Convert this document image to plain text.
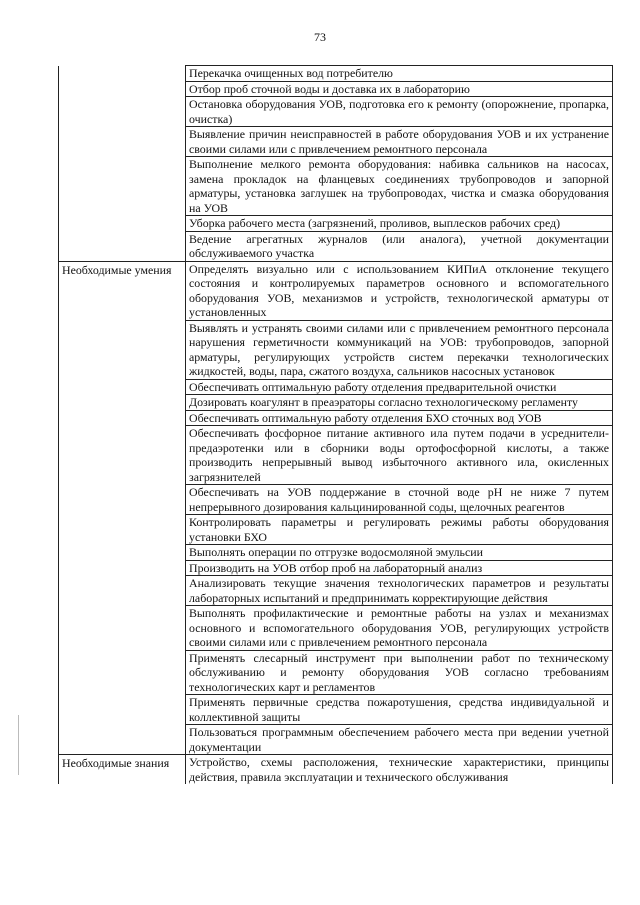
73
	Перекачка очищенных вод потребителю
	Отбор проб сточной воды и доставка их в лабораторию
	Остановка оборудования УОВ, подготовка его к ремонту (опорожнение, пропарка, очистка)
	Выявление причин неисправностей в работе оборудования УОВ и их устранение своими силами или с привлечением ремонтного персонала
	Выполнение мелкого ремонта оборудования: набивка сальников на насосах, замена прокладок на фланцевых соединениях трубопроводов и запорной арматуры, установка заглушек на трубопроводах, чистка и смазка оборудования на УОВ
	Уборка рабочего места (загрязнений, проливов, выплесков рабочих сред)
	Ведение агрегатных журналов (или аналога), учетной документации обслуживаемого участка
Необходимые умения	Определять визуально или с использованием КИПиА отклонение текущего состояния и контролируемых параметров основного и вспомогательного оборудования УОВ, механизмов и устройств, технологической арматуры от установленных
	Выявлять и устранять своими силами или с привлечением ремонтного персонала нарушения герметичности коммуникаций на УОВ: трубопроводов, запорной арматуры, регулирующих устройств систем перекачки технологических жидкостей, воды, пара, сжатого воздуха, сальников насосных установок
	Обеспечивать оптимальную работу отделения предварительной очистки
	Дозировать коагулянт в преаэраторы согласно технологическому регламенту
	Обеспечивать оптимальную работу отделения БХО сточных вод УОВ
	Обеспечивать фосфорное питание активного ила путем подачи в усреднители-предаэротенки или в сборники воды ортофосфорной кислоты, а также производить непрерывный вывод избыточного активного ила, окисленных загрязнителей
	Обеспечивать на УОВ поддержание в сточной воде pH не ниже 7 путем непрерывного дозирования кальцинированной соды, щелочных реагентов
	Контролировать параметры и регулировать режимы работы оборудования установки БХО
	Выполнять операции по отгрузке водосмоляной эмульсии
	Производить на УОВ отбор проб на лабораторный анализ
	Анализировать текущие значения технологических параметров и результаты лабораторных испытаний и предпринимать корректирующие действия
	Выполнять профилактические и ремонтные работы на узлах и механизмах основного и вспомогательного оборудования УОВ, регулирующих устройств своими силами или с привлечением ремонтного персонала
	Применять слесарный инструмент при выполнении работ по техническому обслуживанию и ремонту оборудования УОВ согласно требованиям технологических карт и регламентов
	Применять первичные средства пожаротушения, средства индивидуальной и коллективной защиты
	Пользоваться программным обеспечением рабочего места при ведении учетной документации
Необходимые знания	Устройство, схемы расположения, технические характеристики, принципы действия, правила эксплуатации и технического обслуживания
